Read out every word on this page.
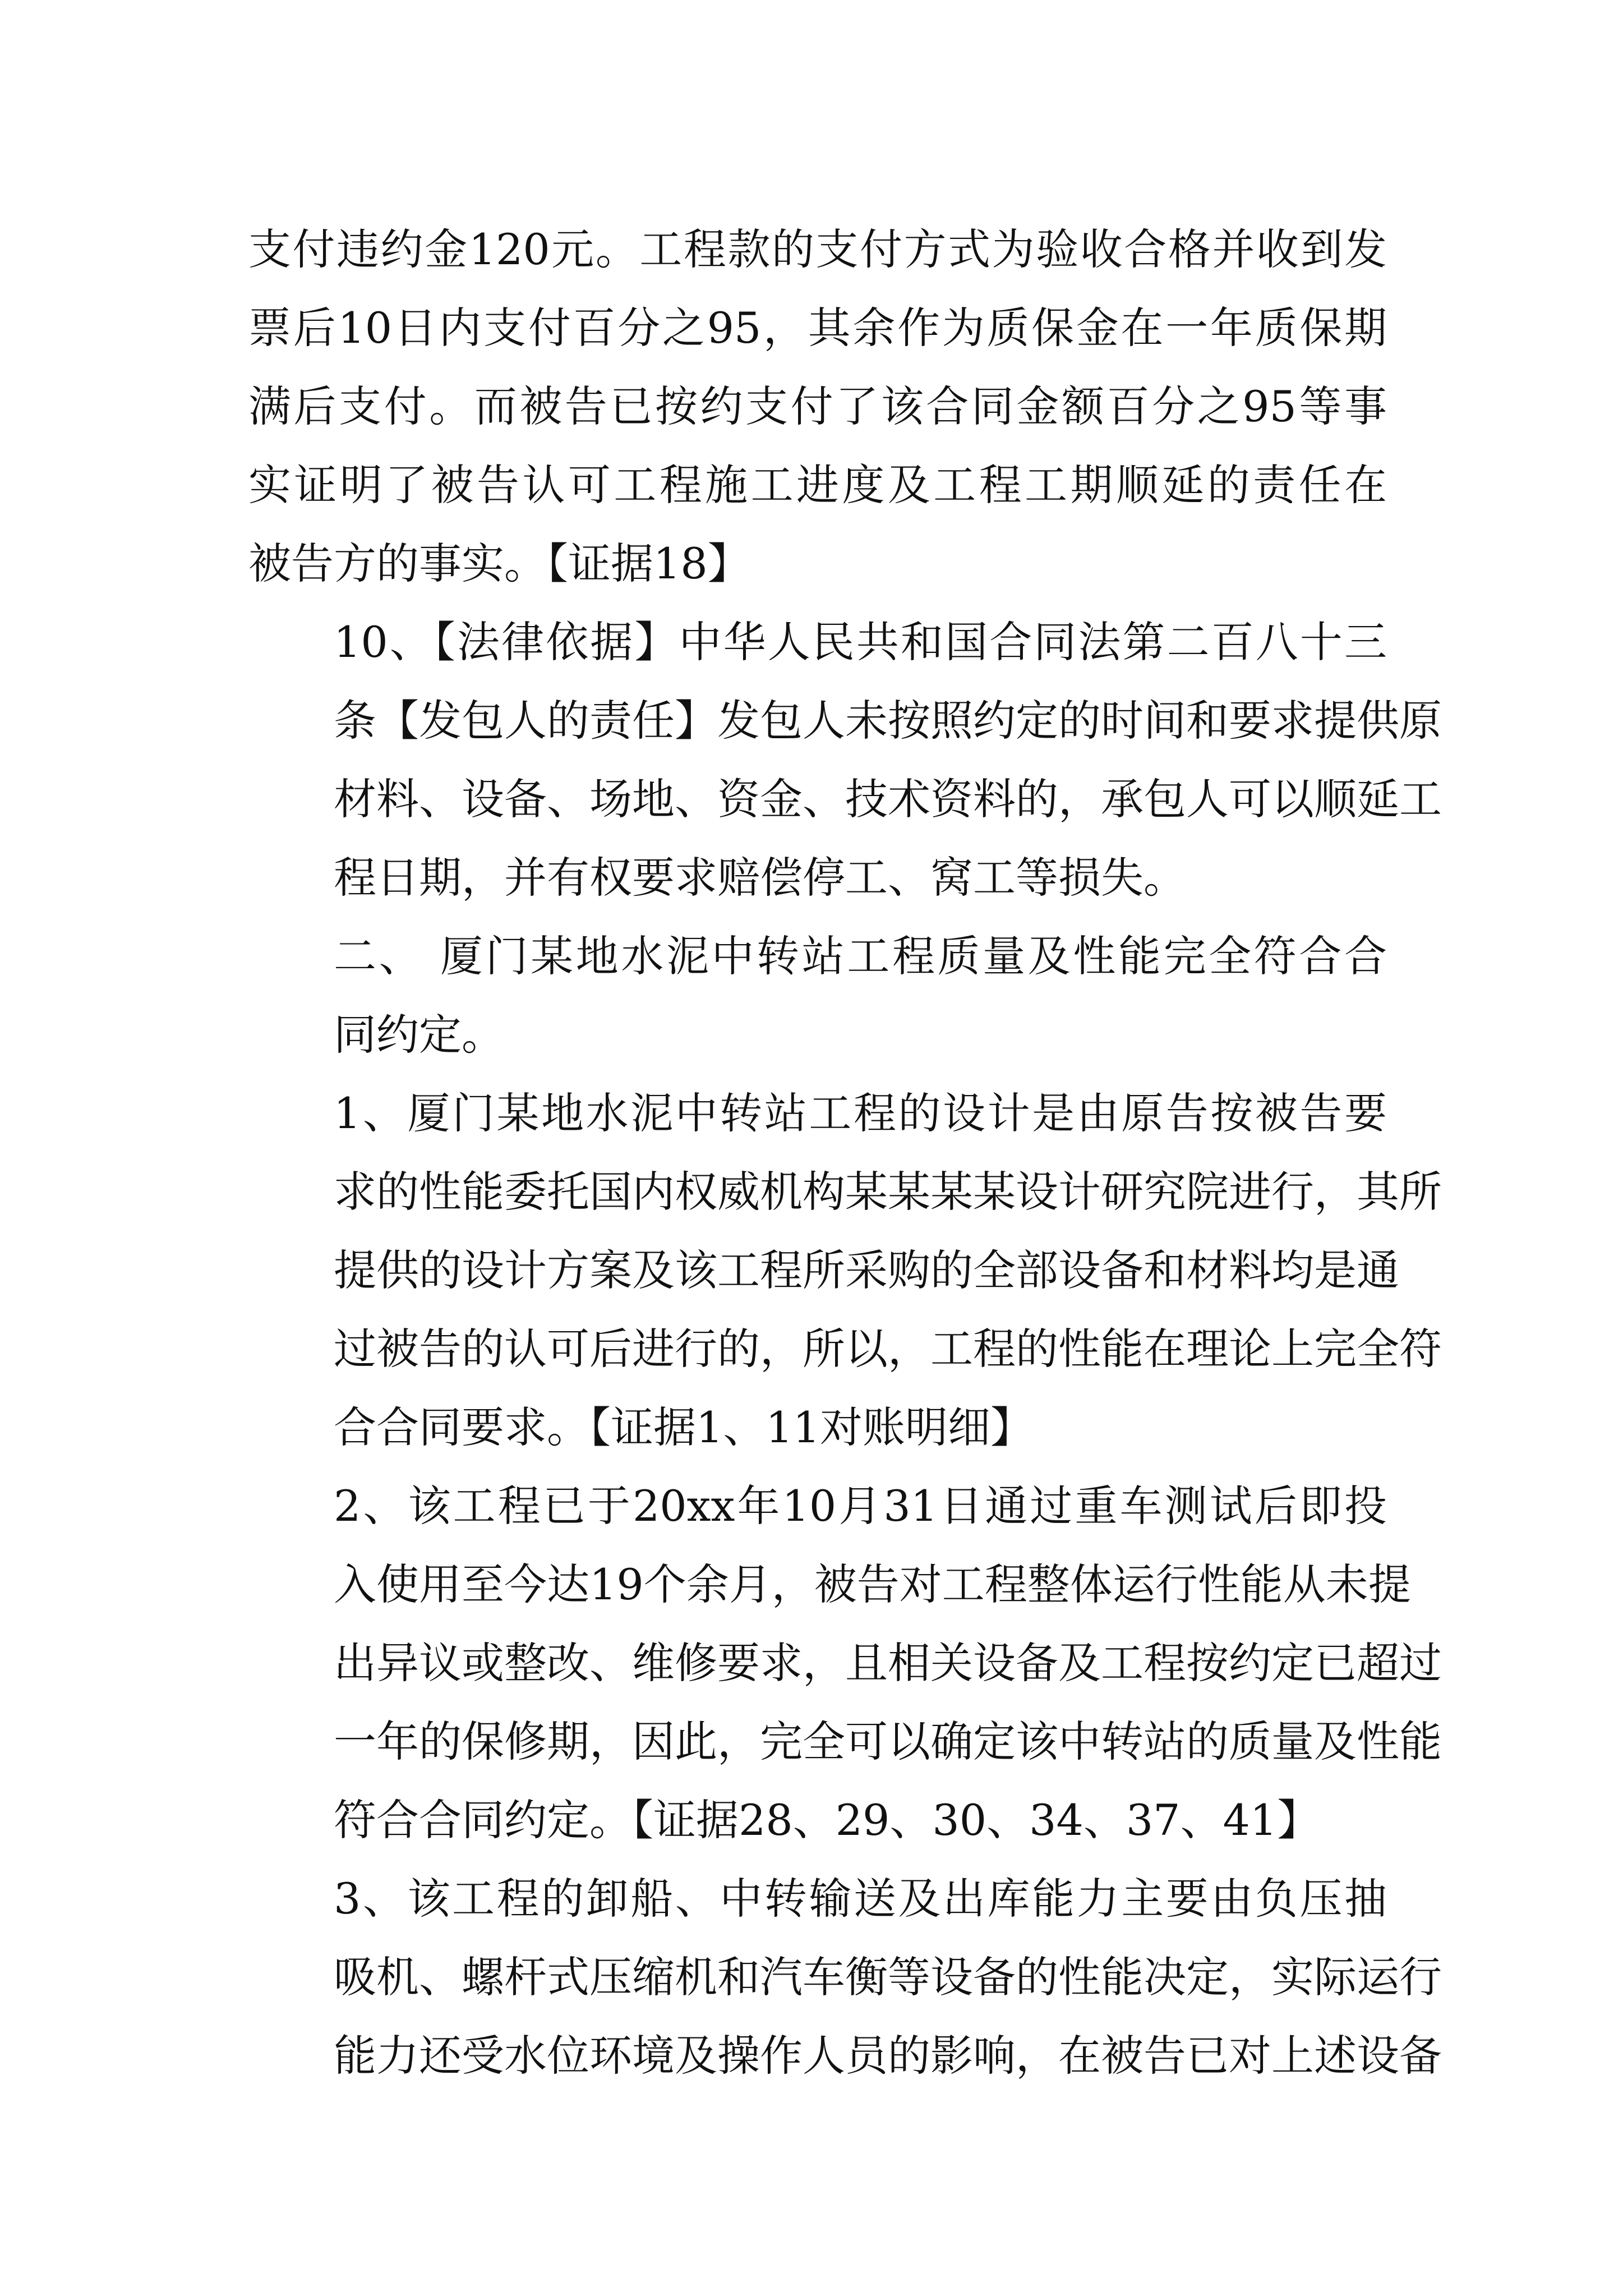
支付违约金120元。工程款的支付方式为验收合格并收到发
票后10日内支付百分之95，其余作为质保金在一年质保期
满后支付。而被告已按约支付了该合同金额百分之95等事
实证明了被告认可工程施工进度及工程工期顺延的责任在
被告方的事实。【证据18】

10、【法律依据】中华人民共和国合同法第二百八十三
条【发包人的责任】发包人未按照约定的时间和要求提供原
材料、设备、场地、资金、技术资料的，承包人可以顺延工
程日期，并有权要求赔偿停工、窝工等损失。

二、 厦门某地水泥中转站工程质量及性能完全符合合
同约定。

1、厦门某地水泥中转站工程的设计是由原告按被告要
求的性能委托国内权威机构某某某某设计研究院进行，其所
提供的设计方案及该工程所采购的全部设备和材料均是通
过被告的认可后进行的，所以，工程的性能在理论上完全符
合合同要求。【证据1、11对账明细】

2、该工程已于20xx年10月31日通过重车测试后即投
入使用至今达19个余月，被告对工程整体运行性能从未提
出异议或整改、维修要求，且相关设备及工程按约定已超过
一年的保修期，因此，完全可以确定该中转站的质量及性能
符合合同约定。【证据28、29、30、34、37、41】

3、该工程的卸船、中转输送及出库能力主要由负压抽
吸机、螺杆式压缩机和汽车衡等设备的性能决定，实际运行
能力还受水位环境及操作人员的影响，在被告已对上述设备
